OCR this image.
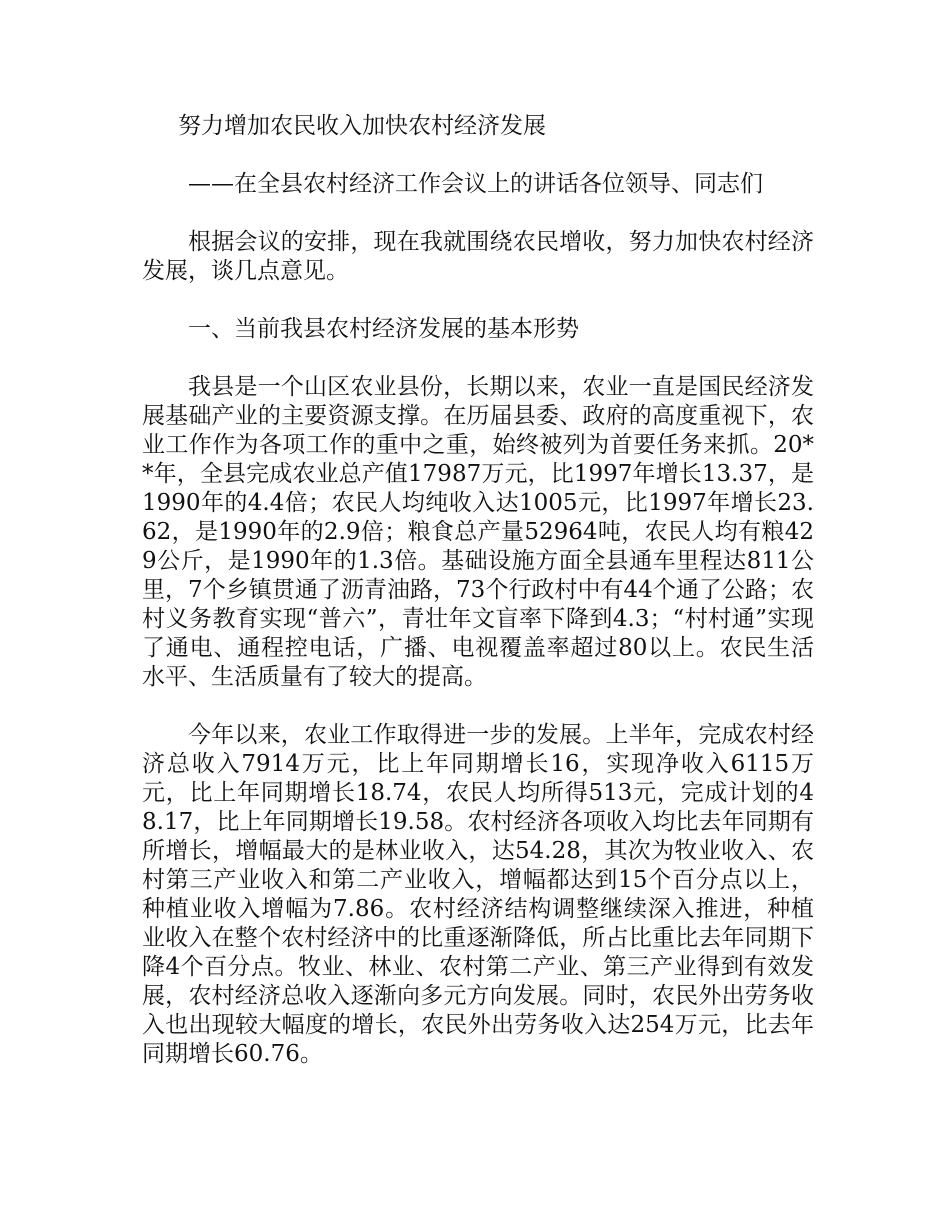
努力增加农民收入加快农村经济发展

——在全县农村经济工作会议上的讲话各位领导、同志们

根据会议的安排，现在我就围绕农民增收，努力加快农村经济发展，谈几点意见。

一、当前我县农村经济发展的基本形势

我县是一个山区农业县份，长期以来，农业一直是国民经济发展基础产业的主要资源支撑。在历届县委、政府的高度重视下，农业工作作为各项工作的重中之重，始终被列为首要任务来抓。20**年，全县完成农业总产值17987万元，比1997年增长13.37，是1990年的4.4倍；农民人均纯收入达1005元，比1997年增长23.62，是1990年的2.9倍；粮食总产量52964吨，农民人均有粮429公斤，是1990年的1.3倍。基础设施方面全县通车里程达811公里，7个乡镇贯通了沥青油路，73个行政村中有44个通了公路；农村义务教育实现“普六”，青壮年文盲率下降到4.3；“村村通”实现了通电、通程控电话，广播、电视覆盖率超过80以上。农民生活水平、生活质量有了较大的提高。

今年以来，农业工作取得进一步的发展。上半年，完成农村经济总收入7914万元，比上年同期增长16，实现净收入6115万元，比上年同期增长18.74，农民人均所得513元，完成计划的48.17，比上年同期增长19.58。农村经济各项收入均比去年同期有所增长，增幅最大的是林业收入，达54.28，其次为牧业收入、农村第三产业收入和第二产业收入，增幅都达到15个百分点以上，种植业收入增幅为7.86。农村经济结构调整继续深入推进，种植业收入在整个农村经济中的比重逐渐降低，所占比重比去年同期下降4个百分点。牧业、林业、农村第二产业、第三产业得到有效发展，农村经济总收入逐渐向多元方向发展。同时，农民外出劳务收入也出现较大幅度的增长，农民外出劳务收入达254万元，比去年同期增长60.76。
